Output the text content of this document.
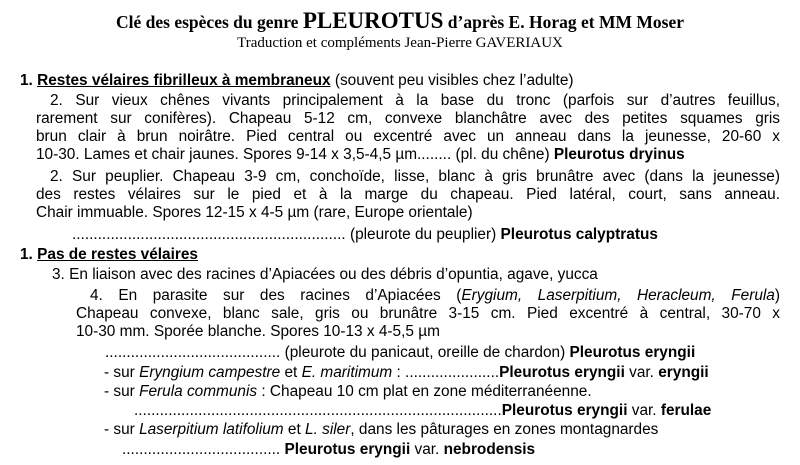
Clé des espèces du genre PLEUROTUS d’après E. Horag et MM Moser
Traduction et compléments Jean-Pierre GAVERIAUX
1. Restes vélaires fibrilleux à membraneux (souvent peu visibles chez l’adulte)
2. Sur vieux chênes vivants principalement à la base du tronc (parfois sur d’autres feuillus,
rarement sur conifères). Chapeau 5-12 cm, convexe blanchâtre avec des petites squames gris
brun clair à brun noirâtre. Pied central ou excentré avec un anneau dans la jeunesse, 20-60 x
10-30. Lames et chair jaunes. Spores 9-14 x 3,5-4,5 µm........ (pl. du chêne) Pleurotus dryinus
2. Sur peuplier. Chapeau 3-9 cm, conchoïde, lisse, blanc à gris brunâtre avec (dans la jeunesse)
des restes vélaires sur le pied et à la marge du chapeau. Pied latéral, court, sans anneau.
Chair immuable. Spores 12-15 x 4-5 µm (rare, Europe orientale)
................................................................ (pleurote du peuplier) Pleurotus calyptratus
1. Pas de restes vélaires
3. En liaison avec des racines d’Apiacées ou des débris d’opuntia, agave, yucca
4. En parasite sur des racines d’Apiacées (Erygium, Laserpitium, Heracleum, Ferula)
Chapeau convexe, blanc sale, gris ou brunâtre 3-15 cm. Pied excentré à central, 30-70 x
10-30 mm. Sporée blanche. Spores 10-13 x 4-5,5 µm
......................................... (pleurote du panicaut, oreille de chardon) Pleurotus eryngii
- sur Eryngium campestre et E. maritimum : ......................Pleurotus eryngii var. eryngii
- sur Ferula communis : Chapeau 10 cm plat en zone méditerranéenne.
......................................................................................Pleurotus eryngii var. ferulae
- sur Laserpitium latifolium et L. siler, dans les pâturages en zones montagnardes
..................................... Pleurotus eryngii var. nebrodensis
